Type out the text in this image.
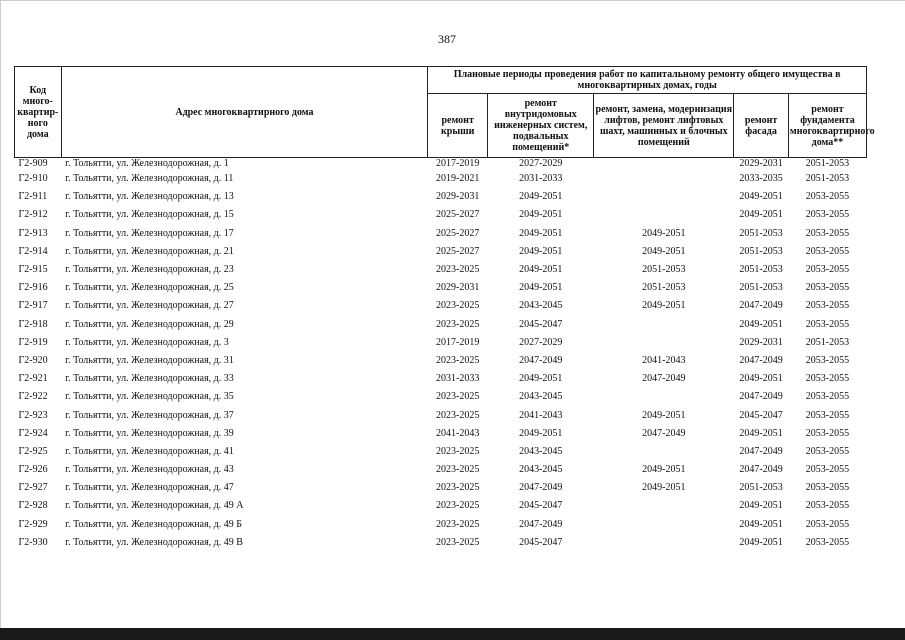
387
Код много-квартир-ного дома	Адрес многоквартирного дома	Плановые периоды проведения работ по капитальному ремонту общего имущества в многоквартирных домах, годы				
		ремонт крыши	ремонт внутридомовых инженерных систем, подвальных помещений*	ремонт, замена, модернизация лифтов, ремонт лифтовых шахт, машинных и блочных помещений	ремонт фасада	ремонт фундамента многоквартирного дома**
Г2-909	г. Тольятти, ул. Железнодорожная, д. 1	2017-2019	2027-2029		2029-2031	2051-2053
Г2-910	г. Тольятти, ул. Железнодорожная, д. 11	2019-2021	2031-2033		2033-2035	2051-2053
Г2-911	г. Тольятти, ул. Железнодорожная, д. 13	2029-2031	2049-2051		2049-2051	2053-2055
Г2-912	г. Тольятти, ул. Железнодорожная, д. 15	2025-2027	2049-2051		2049-2051	2053-2055
Г2-913	г. Тольятти, ул. Железнодорожная, д. 17	2025-2027	2049-2051	2049-2051	2051-2053	2053-2055
Г2-914	г. Тольятти, ул. Железнодорожная, д. 21	2025-2027	2049-2051	2049-2051	2051-2053	2053-2055
Г2-915	г. Тольятти, ул. Железнодорожная, д. 23	2023-2025	2049-2051	2051-2053	2051-2053	2053-2055
Г2-916	г. Тольятти, ул. Железнодорожная, д. 25	2029-2031	2049-2051	2051-2053	2051-2053	2053-2055
Г2-917	г. Тольятти, ул. Железнодорожная, д. 27	2023-2025	2043-2045	2049-2051	2047-2049	2053-2055
Г2-918	г. Тольятти, ул. Железнодорожная, д. 29	2023-2025	2045-2047		2049-2051	2053-2055
Г2-919	г. Тольятти, ул. Железнодорожная, д. 3	2017-2019	2027-2029		2029-2031	2051-2053
Г2-920	г. Тольятти, ул. Железнодорожная, д. 31	2023-2025	2047-2049	2041-2043	2047-2049	2053-2055
Г2-921	г. Тольятти, ул. Железнодорожная, д. 33	2031-2033	2049-2051	2047-2049	2049-2051	2053-2055
Г2-922	г. Тольятти, ул. Железнодорожная, д. 35	2023-2025	2043-2045		2047-2049	2053-2055
Г2-923	г. Тольятти, ул. Железнодорожная, д. 37	2023-2025	2041-2043	2049-2051	2045-2047	2053-2055
Г2-924	г. Тольятти, ул. Железнодорожная, д. 39	2041-2043	2049-2051	2047-2049	2049-2051	2053-2055
Г2-925	г. Тольятти, ул. Железнодорожная, д. 41	2023-2025	2043-2045		2047-2049	2053-2055
Г2-926	г. Тольятти, ул. Железнодорожная, д. 43	2023-2025	2043-2045	2049-2051	2047-2049	2053-2055
Г2-927	г. Тольятти, ул. Железнодорожная, д. 47	2023-2025	2047-2049	2049-2051	2051-2053	2053-2055
Г2-928	г. Тольятти, ул. Железнодорожная, д. 49 А	2023-2025	2045-2047		2049-2051	2053-2055
Г2-929	г. Тольятти, ул. Железнодорожная, д. 49 Б	2023-2025	2047-2049		2049-2051	2053-2055
Г2-930	г. Тольятти, ул. Железнодорожная, д. 49 В	2023-2025	2045-2047		2049-2051	2053-2055
